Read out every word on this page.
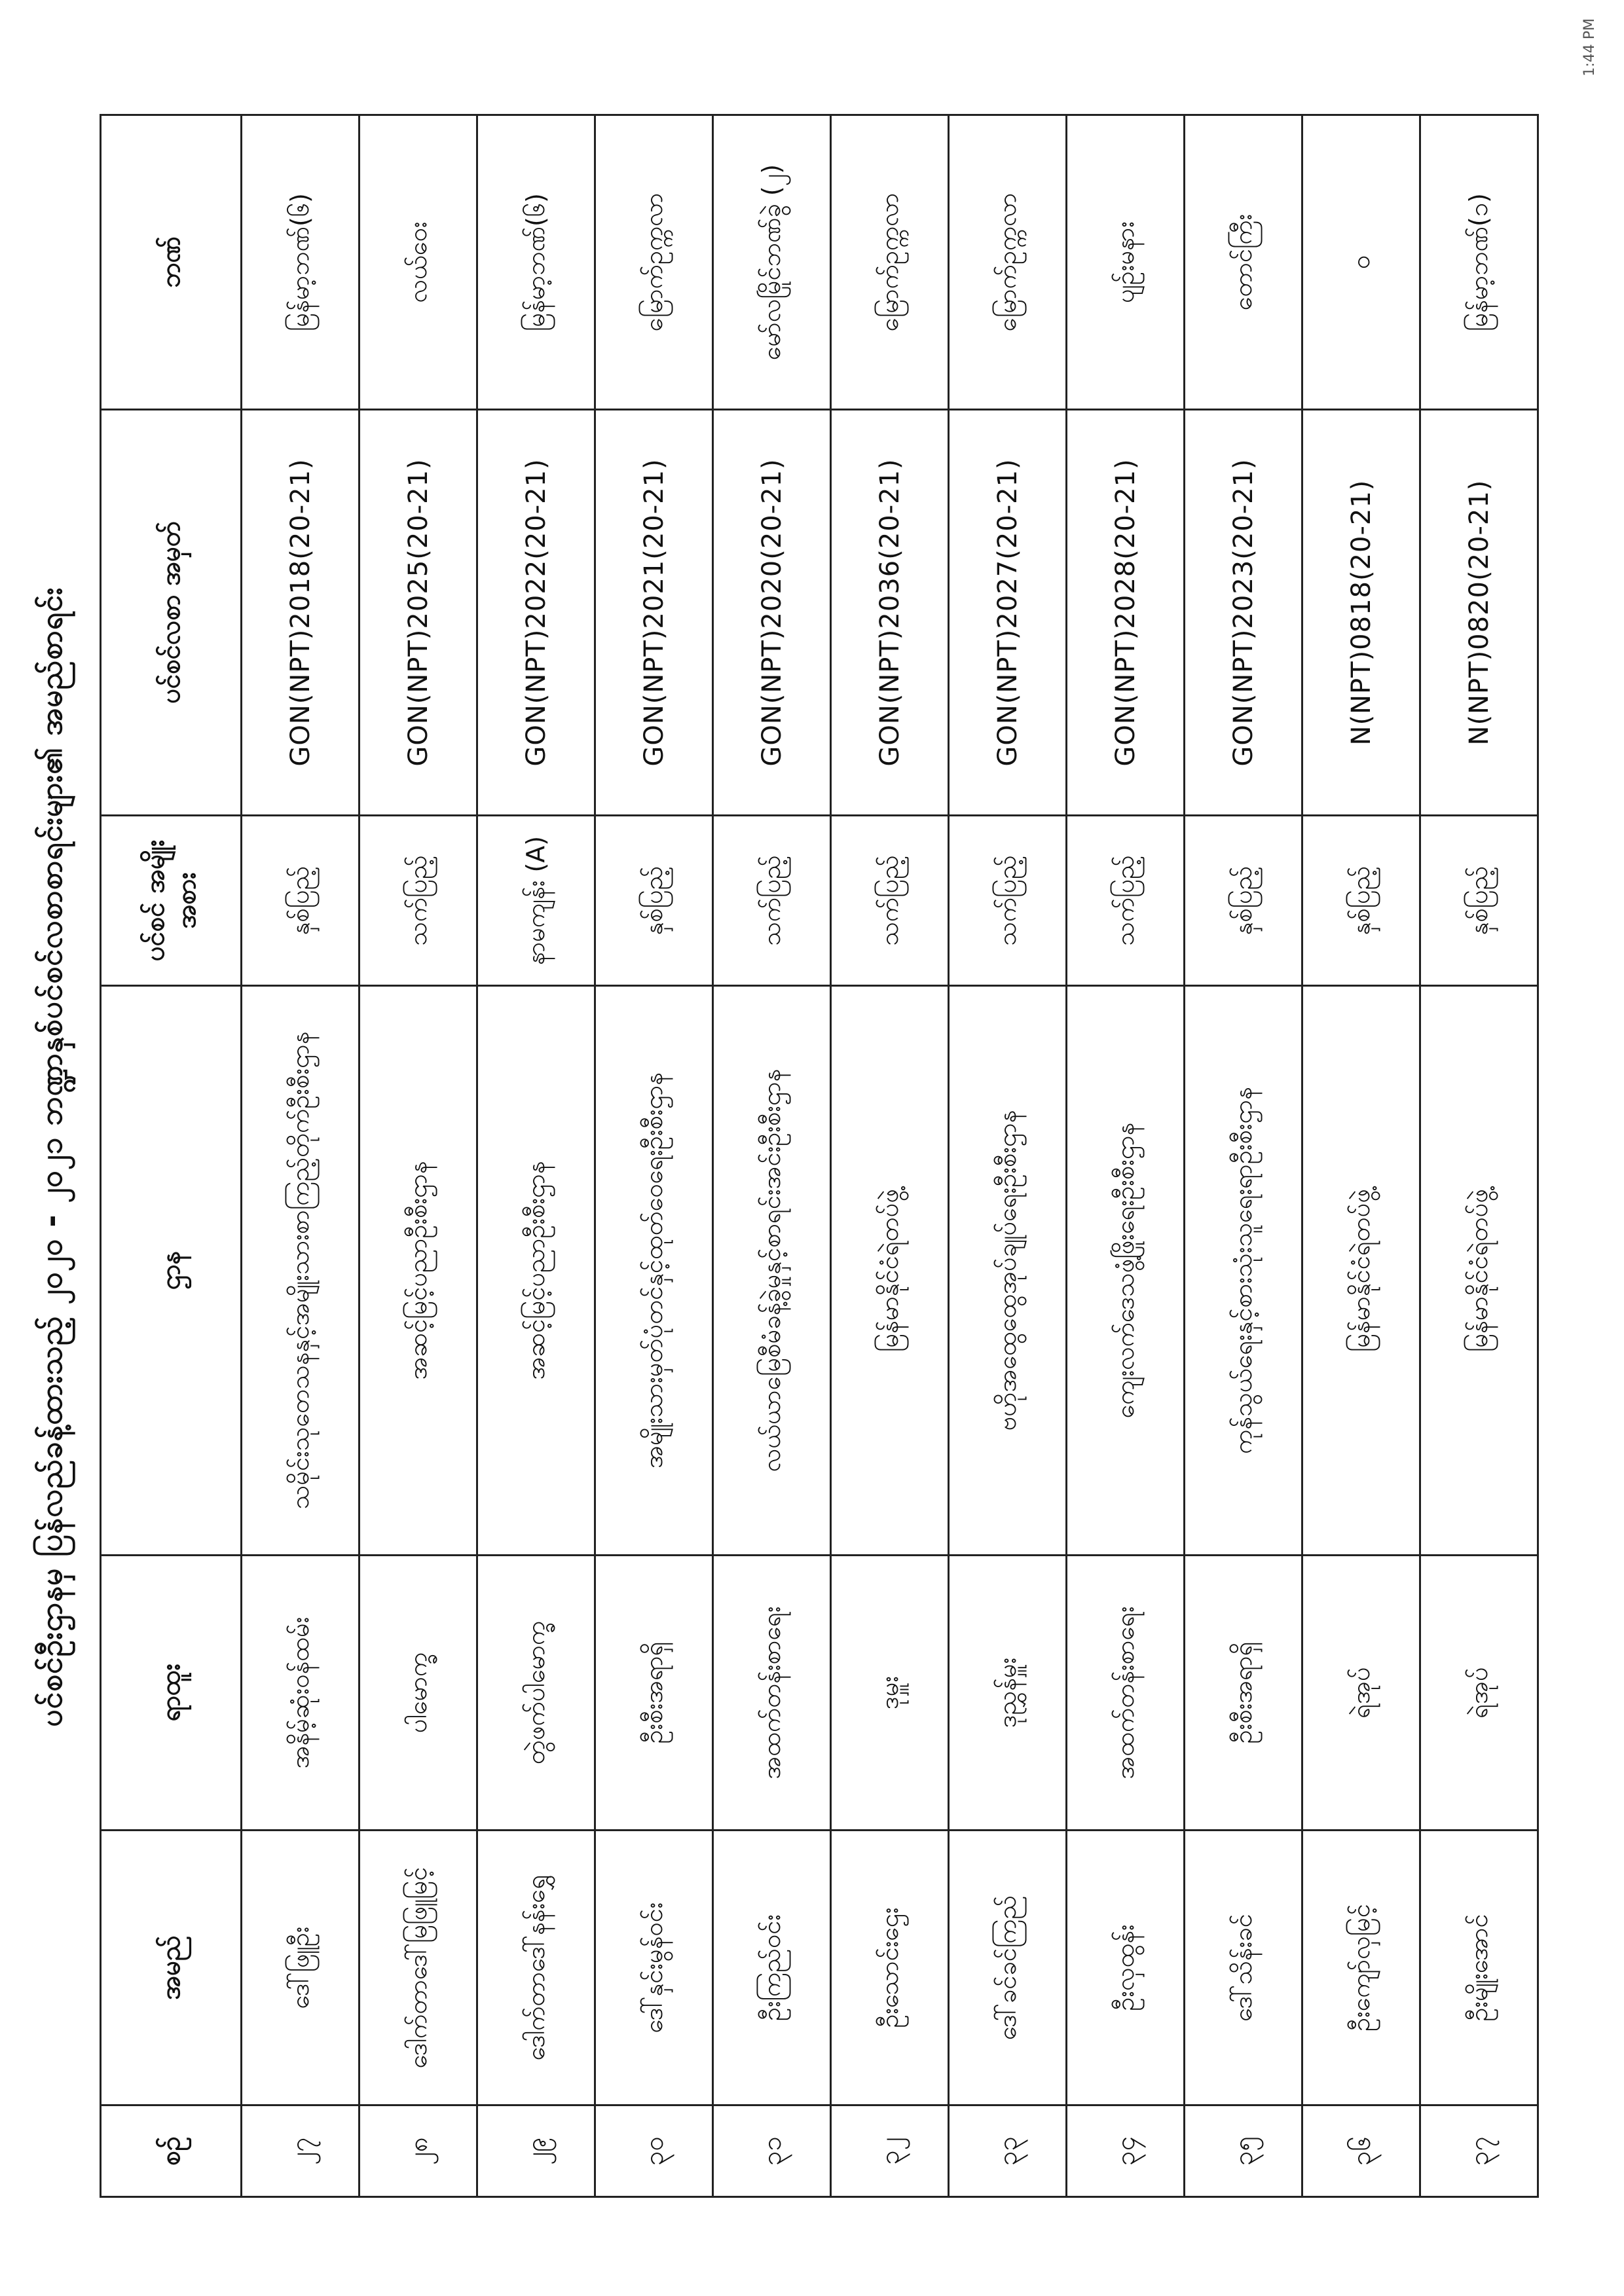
ပင်စင်ဦးဌာနမှ ပြန်လည်ခန့်ထားသည့် ၂၀၂၀ - ၂၀၂၁ ဘဏ္ဍာနှစ်ပင်စင်လစာစာရင်းများ၏ အမည်စာရင်း
စဉ်	အမည်	ရာထူး	ဌာန	ပင်စင် အမျိုးအစား	ပင်စင်လစာ အမှတ်	ဘဏ်
၂၇	ဒေါ်ဖြူဦး	အနိမ့်ဆုံးဝန်ထမ်း	သမိုင်းသုတေသနနှင့်အမျိုးသားစာကြည့်တိုက်ဦးစီးဌာန	နှစ်ပြည့်	GON(NPT)2018(20-21)	မြန်မာ့ဘဏ်(၆)
၂၈	ဒေါက်တာဒေါ်မြဖြူမြင့်	ပါမောက္ခ	အဆင့်မြင့်ပညာဦးစီးဌာန	သက်ပြည့်	GON(NPT)2025(20-21)	လယ်ဝေး
၂၉	ဒေါက်တာဒေါ်နန်းရွှေ	တွဲဖက်ပါမောက္ခ	အဆင့်မြင့်ပညာဦးစီးဌာန	နာမကျန်း (A)	GON(NPT)2022(20-21)	မြန်မာ့ဘဏ်(၆)
၃၀	ဒေါ်နှင်းမွန်ဝင်း	ဦးစီးအရာရှိ	အမျိုးသားမှတ်ပုံတင်နှင့်ထုတ်ဝေရေးဦးစီးဌာန	နှစ်ပြည့်	GON(NPT)2021(20-21)	မြောက်ဥက္ကလာ
၃၁	ဦးကြည်ဝင်း	အထက်တန်းစာရေး	လယ်ယာမြေစီမံခန့်ခွဲမှုနှင့်စာရင်းအင်းဦးစီးဌာန	သက်ပြည့်	GON(NPT)2020(20-21)	မော်လမြိုင်ဘဏ်ခွဲ (၂)
၃၂	ဦးသောင်းဌေး	ဒုမှူး	မြန်မာနိုင်ငံရဲတပ်ဖွဲ့	သက်ပြည့်	GON(NPT)2036(20-21)	မြောက်ဥက္ကလာ
၃၃	ဒေါ်ခင်ခင်ကြည်	ဒုညွှန်မှူး	ဗဟိုအထွေထွေအုပ်ချုပ်ရေးဦးစီးဌာန	သက်ပြည့်	GON(NPT)2027(20-21)	မြောက်ဥက္ကလာ
၃၄	ဦးလှထွန်း	အထက်တန်းစာရေး	ကျေးလက်ဒေသဖွံ့ဖြိုးရေးဦးစီးဌာန	သက်ပြည့်	GON(NPT)2028(20-21)	ပျဉ်းမနား
၃၅	ဒေါ်သိန်းခင်	ဦးစီးအရာရှိ	ကုန်သွယ်ရေးနှင့်စားသုံးသူရေးရာဦးစီးဌာန	နှစ်ပြည့်	GON(NPT)2023(20-21)	တောင်ကြီး
၃၆	ဦးကျော်လှမြင့်	ရဲအုပ်	မြန်မာနိုင်ငံရဲတပ်ဖွဲ့	နှစ်ပြည့်	N(NPT)0818(20-21)	ဝ
၃၇	ဦးမျိုးအောင်	ရဲအုပ်	မြန်မာနိုင်ငံရဲတပ်ဖွဲ့	နှစ်ပြည့်	N(NPT)0820(20-21)	မြန်မာ့ဘဏ်(၁)
1:44 PM
